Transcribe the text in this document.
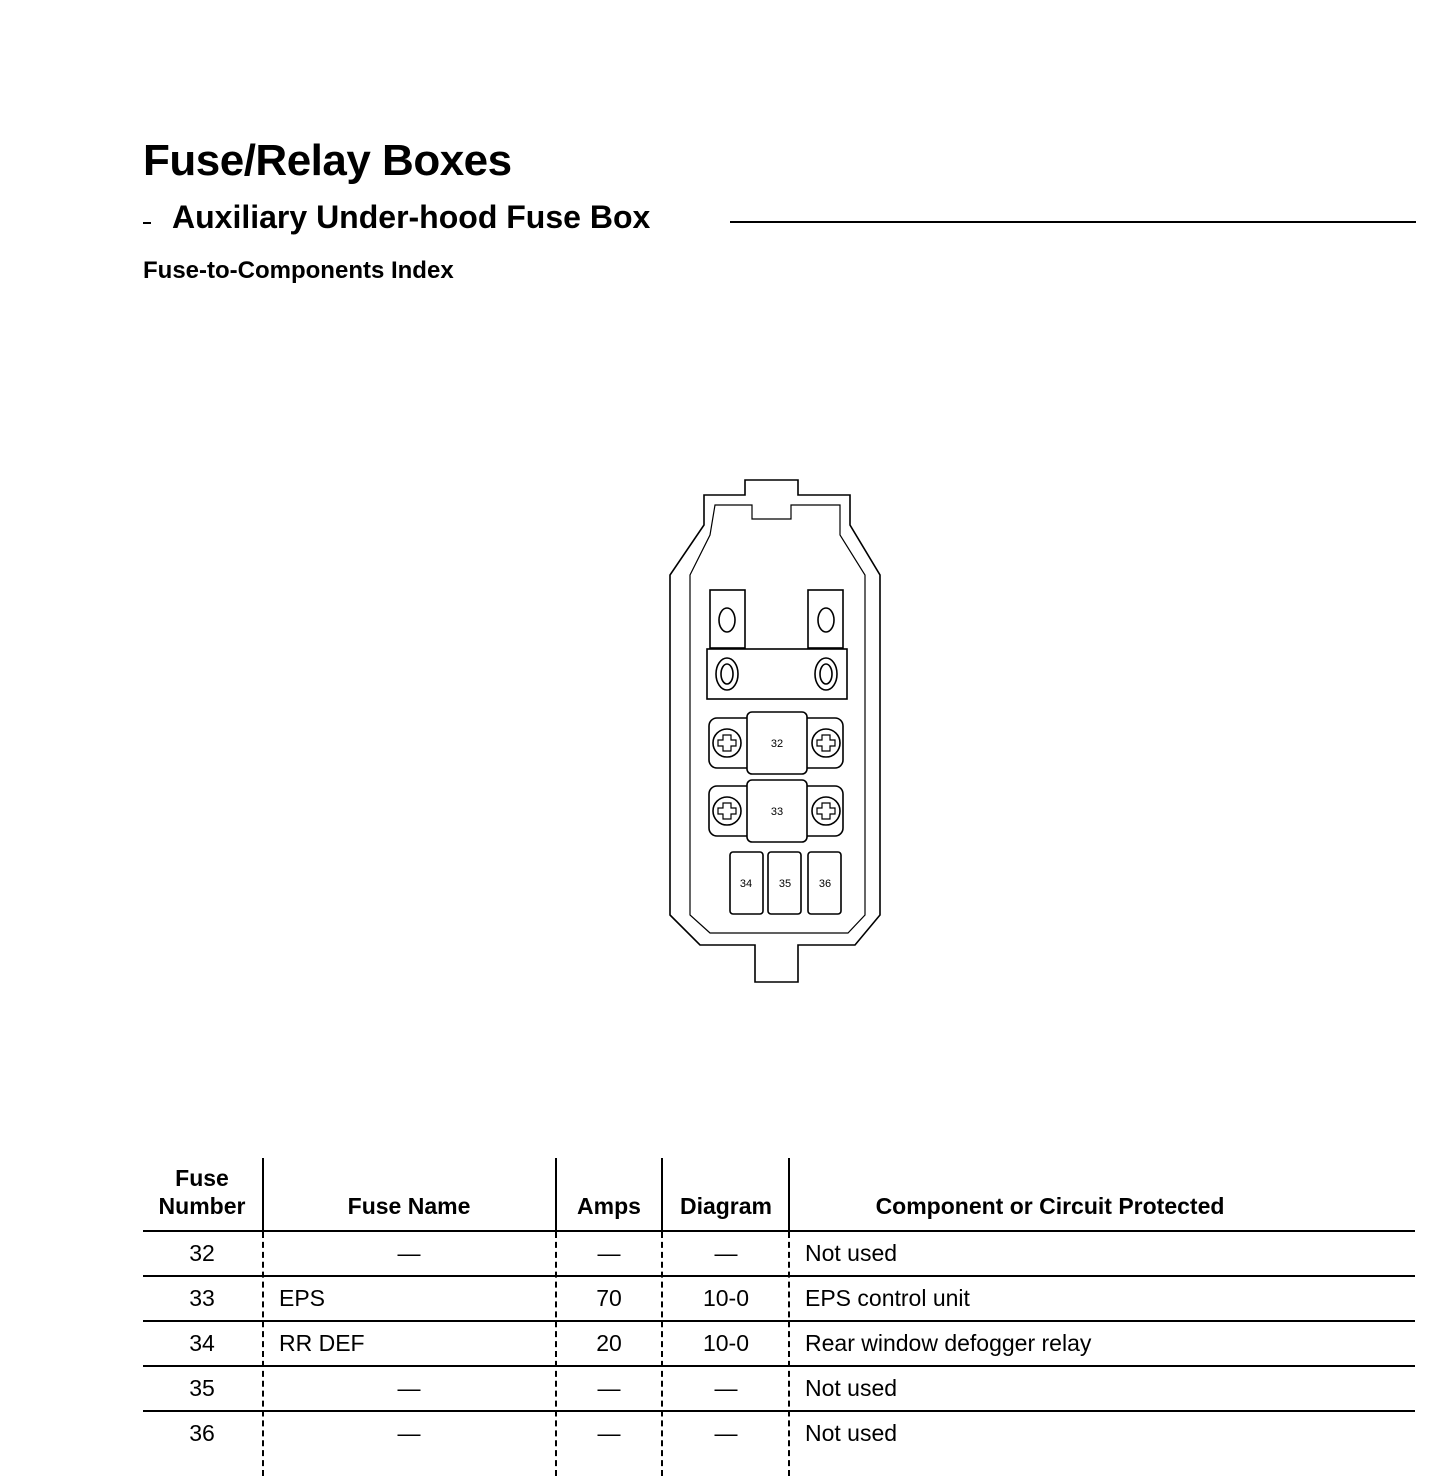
Fuse/Relay Boxes
Auxiliary Under-hood Fuse Box
Fuse-to-Components Index
32
33
34 35	36
Fuse
Number	Fuse Name	Amps	Diagram	Component or Circuit Protected
32	—	—	—	Not used
33	EPS	70	10-0	EPS control unit
34	RR DEF	20	10-0	Rear window defogger relay
35	—	—	—	Not used
36	—	—	—	Not used
